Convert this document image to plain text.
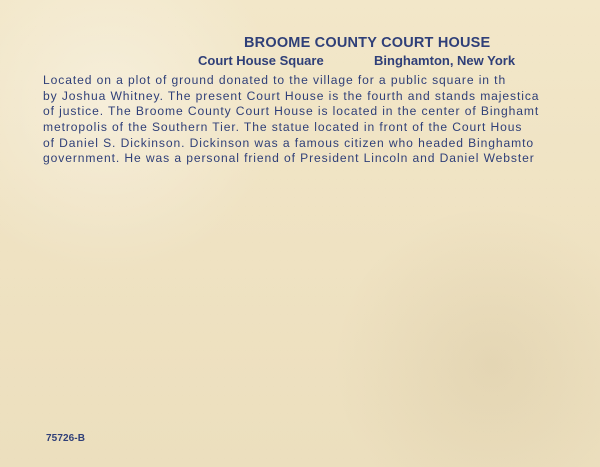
BROOME COUNTY COURT HOUSE
Court House Square	Binghamton, New York
Located on a plot of ground donated to the village for a public square in th
by Joshua Whitney. The present Court House is the fourth and stands majestica
of justice. The Broome County Court House is located in the center of Binghamt
metropolis of the Southern Tier. The statue located in front of the Court Hous
of Daniel S. Dickinson. Dickinson was a famous citizen who headed Binghamto
government. He was a personal friend of President Lincoln and Daniel Webster
75726-B
